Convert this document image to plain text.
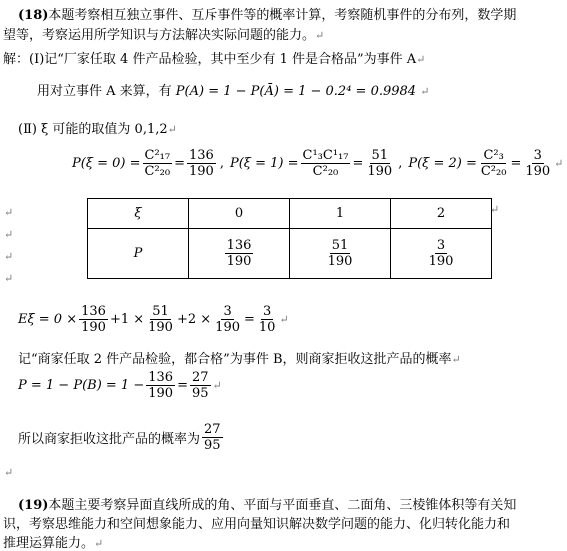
(18)本题考察相互独立事件、互斥事件等的概率计算，考察随机事件的分布列，数学期
望等，考察运用所学知识与方法解决实际问题的能力。↵
解：(Ⅰ)记“厂家任取 4 件产品检验，其中至少有 1 件是合格品”为事件 A↵
用对立事件 A 来算，有 P(A) = 1 − P(Ā) = 1 − 0.2⁴ = 0.9984 ↵
(Ⅱ) ξ 可能的取值为 0,1,2↵
$P(\xi = 0) = \frac{\text{C²₁₇}}{\text{C²₂₀}} = \frac{136}{190}$ , $P(\xi = 1) = \frac{\text{C¹₃C¹₁₇}}{\text{C²₂₀}} = \frac{51}{190}$ , $P(\xi = 2) = \frac{\text{C²₃}}{\text{C²₂₀}} = \frac{3}{190}$ ↵
↵
↵
↵
↵
↵
ξ	0	1	2
P	$\frac{136}{190}$	$\frac{51}{190}$	$\frac{3}{190}$
$E\xi = 0 \times \frac{136}{190} +1 \times \frac{51}{190} +2 \times \frac{3}{190} = \frac{3}{10}$ ↵
记“商家任取 2 件产品检验，都合格”为事件 B，则商家拒收这批产品的概率↵
$P = 1 - P(B) = 1 - \frac{136}{190} = \frac{27}{95}$ ↵
所以商家拒收这批产品的概率为 $\frac{27}{95}$
↵
(19)本题主要考察异面直线所成的角、平面与平面垂直、二面角、三棱锥体积等有关知
识，考察思维能力和空间想象能力、应用向量知识解决数学问题的能力、化归转化能力和
推理运算能力。↵
